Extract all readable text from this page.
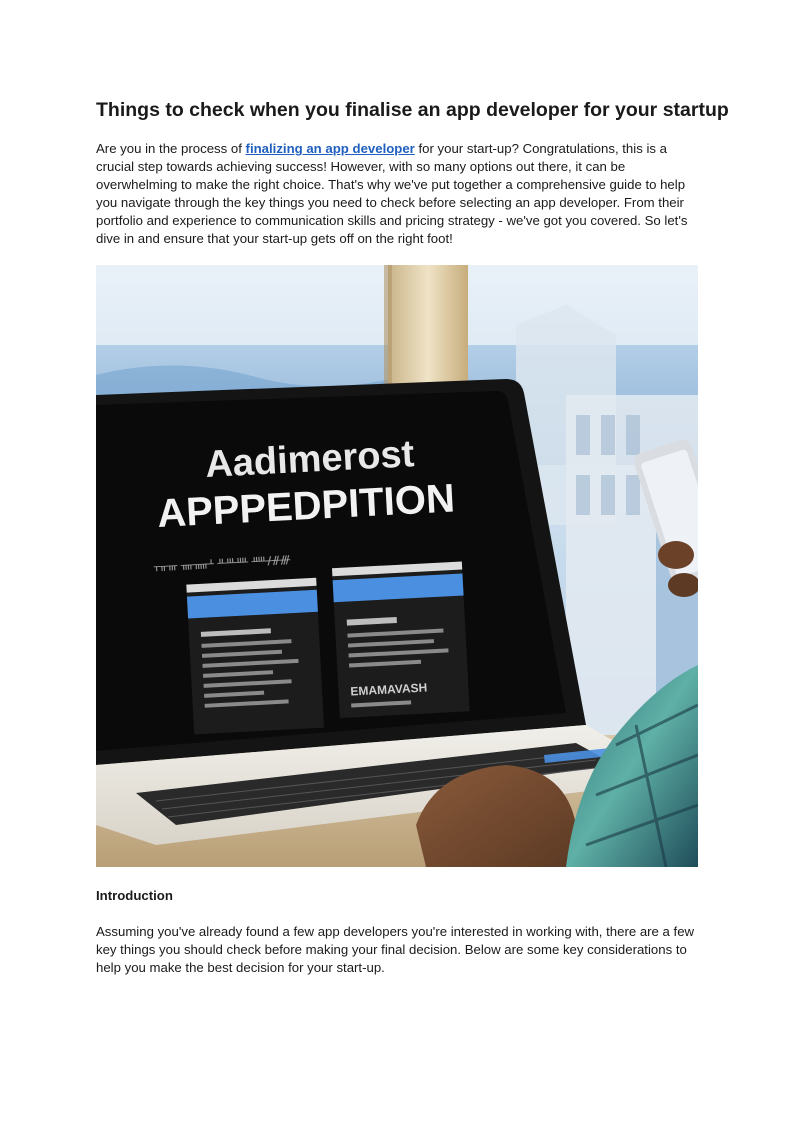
Things to check when you finalise an app developer for your startup

Are you in the process of finalizing an app developer for your start-up? Congratulations, this is a crucial step towards achieving success! However, with so many options out there, it can be overwhelming to make the right choice. That's why we've put together a comprehensive guide to help you navigate through the key things you need to check before selecting an app developer. From their portfolio and experience to communication skills and pricing strategy - we've got you covered. So let's dive in and ensure that your start-up gets off on the right foot!

Aadimerost
APPPEDPITION
ᚁᚂᚃ ᚄᚅᚆ ᚇᚈᚉ ᚊᚋᚌᚍ
EMAMAVASH
Introduction

Assuming you've already found a few app developers you're interested in working with, there are a few key things you should check before making your final decision. Below are some key considerations to help you make the best decision for your start-up.
